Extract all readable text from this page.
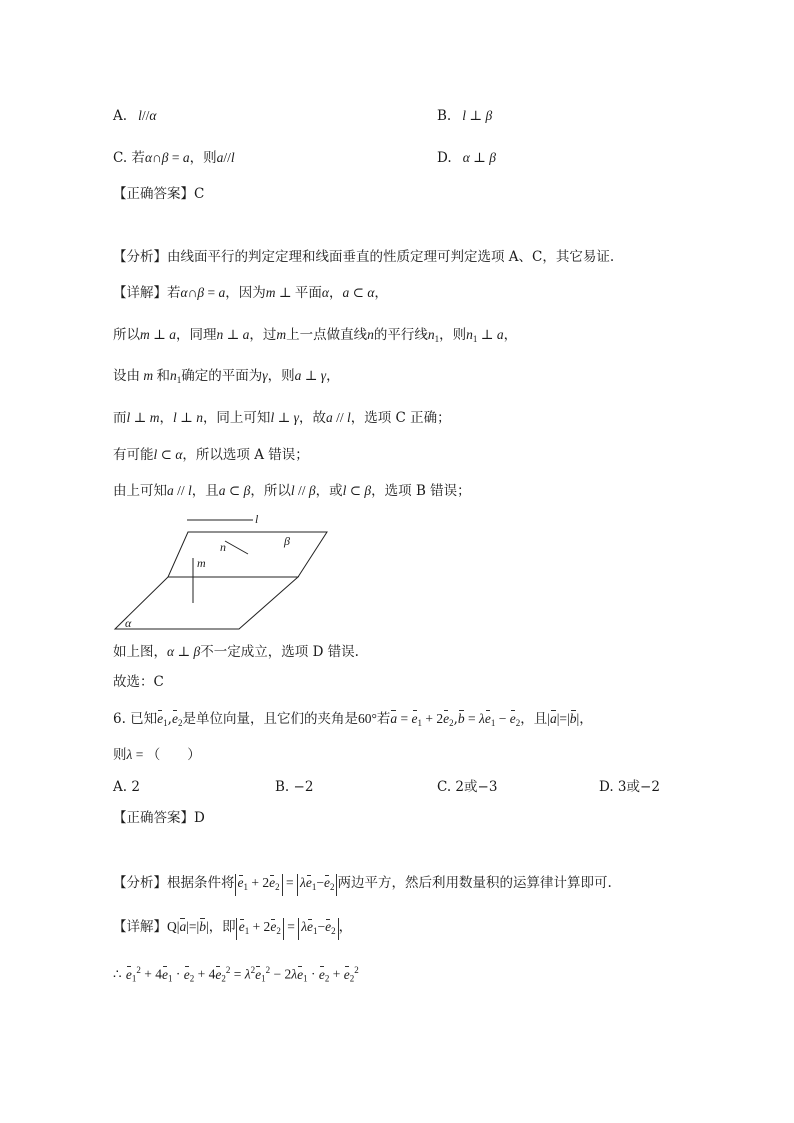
A.   l//α	B.   l ⊥ β
C. 若α∩β = a，则a//l	D.   α ⊥ β
【正确答案】C
【分析】由线面平行的判定定理和线面垂直的性质定理可判定选项 A、C，其它易证.
【详解】若α∩β = a，因为m ⊥ 平面α，a ⊂ α，
所以m ⊥ a，同理n ⊥ a，过m上一点做直线n的平行线$n_1$，则$n_1$ ⊥ a，
设由 m 和$n_1$确定的平面为γ，则a ⊥ γ，
而l ⊥ m，l ⊥ n，同上可知l ⊥ γ，故a // l，选项 C 正确；
有可能l ⊂ α，所以选项 A 错误；
由上可知a // l，且a ⊂ β，所以l // β，或l ⊂ β，选项 B 错误；
l
n	β
m
α
如上图，α ⊥ β不一定成立，选项 D 错误.
故选：C
6. 已知$e_1,e_2$是单位向量，且它们的夹角是60°若$a = e_1 + 2e_2,b = \lambda e_1 - e_2$，且|a|=|b|，
则λ = （　　）
A. 2	B. −2	C. 2或−3	D. 3或−2
【正确答案】D
【分析】根据条件将 $e_1 + 2e_2 = \lambda e_1-e_2$ 两边平方，然后利用数量积的运算律计算即可.
【详解】Q|a|=|b|，即 $e_1 + 2e_2 = \lambda e_1-e_2$ ，
∴ $e_1^2 + 4e_1 \cdot e_2 + 4e_2^2 = \lambda^2e_1^2 - 2\lambda e_1 \cdot e_2 + e_2^2$
